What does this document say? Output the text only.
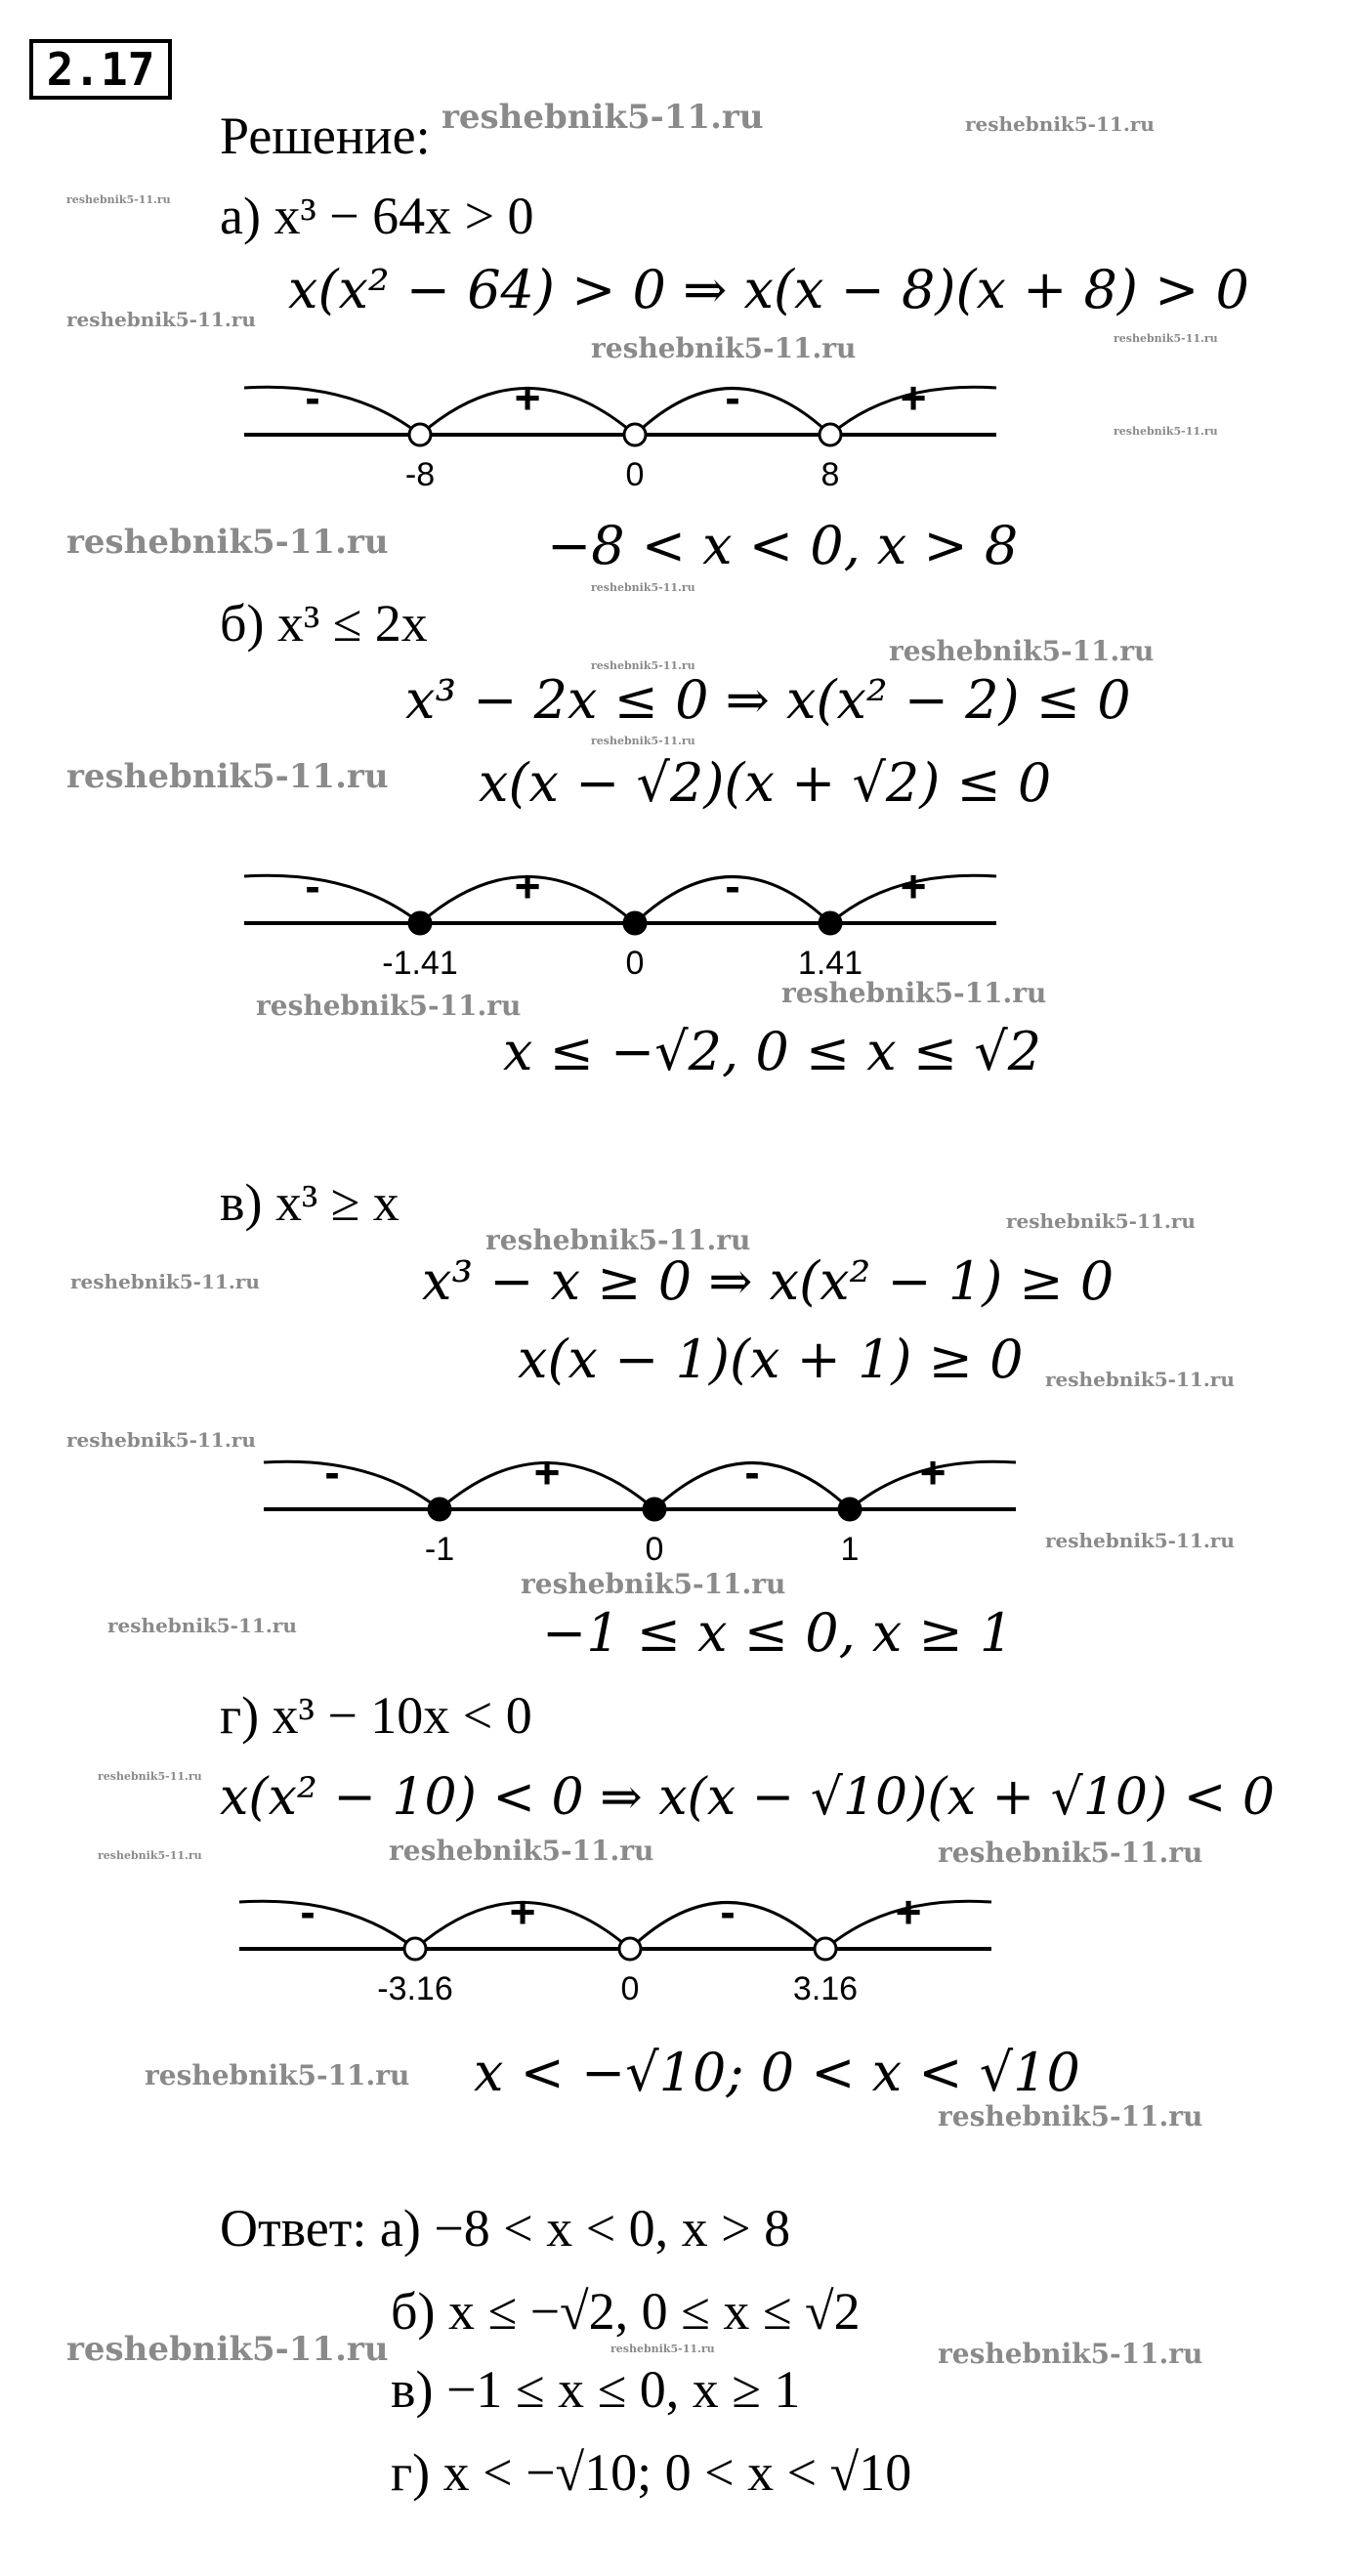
2.17
Решение:
а) x³ − 64x > 0
x(x² − 64) > 0 ⇒ x(x − 8)(x + 8) > 0
-	+	-	+
-8	0	8
−8 < x < 0, x > 8
б) x³ ≤ 2x
x³ − 2x ≤ 0 ⇒ x(x² − 2) ≤ 0
x(x − √2)(x + √2) ≤ 0
-	+	-	+
-1.41	0	1.41
x ≤ −√2, 0 ≤ x ≤ √2
в) x³ ≥ x
x³ − x ≥ 0 ⇒ x(x² − 1) ≥ 0
x(x − 1)(x + 1) ≥ 0
-	+	-	+
-1	0	1
−1 ≤ x ≤ 0, x ≥ 1
г) x³ − 10x < 0
x(x² − 10) < 0 ⇒ x(x − √10)(x + √10) < 0
-	+	-	+
-3.16	0	3.16
x < −√10; 0 < x < √10
Ответ: а) −8 < x < 0, x > 8
б) x ≤ −√2, 0 ≤ x ≤ √2
в) −1 ≤ x ≤ 0, x ≥ 1
г) x < −√10; 0 < x < √10
reshebnik5-11.ru	reshebnik5-11.ru
reshebnik5-11.ru
reshebnik5-11.ru
reshebnik5-11.ru	reshebnik5-11.ru
reshebnik5-11.ru
reshebnik5-11.ru
reshebnik5-11.ru
reshebnik5-11.ru
reshebnik5-11.ru
reshebnik5-11.ru
reshebnik5-11.ru
reshebnik5-11.ru	reshebnik5-11.ru
reshebnik5-11.ru
reshebnik5-11.ru
reshebnik5-11.ru
reshebnik5-11.ru
reshebnik5-11.ru
reshebnik5-11.ru
reshebnik5-11.ru
reshebnik5-11.ru
reshebnik5-11.ru
reshebnik5-11.ru	reshebnik5-11.ru	reshebnik5-11.ru
reshebnik5-11.ru
reshebnik5-11.ru
reshebnik5-11.ru	reshebnik5-11.ru	reshebnik5-11.ru
